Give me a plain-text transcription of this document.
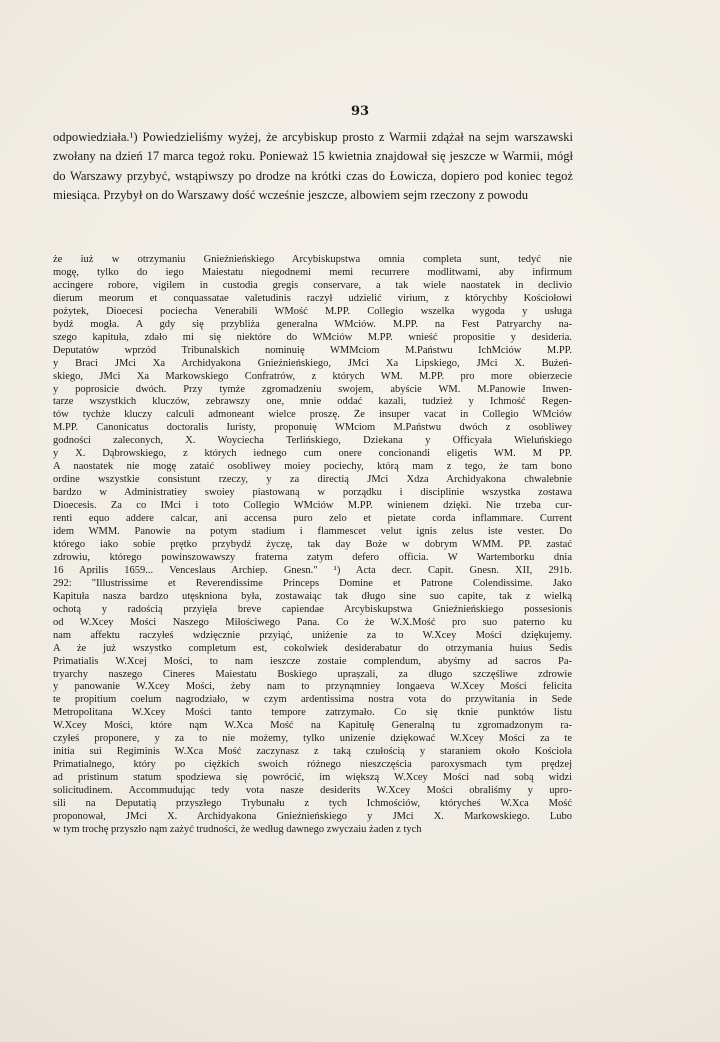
93

odpowiedziała.¹) Powiedzieliśmy wyżej, że arcybiskup prosto z Warmii zdążał na sejm warszawski zwołany na dzień 17 marca tegoż roku. Ponieważ 15 kwietnia znajdował się jeszcze w Warmii, mógł do Warszawy przybyć, wstąpiwszy po drodze na krótki czas do Łowicza, dopiero pod koniec tegoż miesiąca. Przybył on do Warszawy dość wcześnie jeszcze, albowiem sejm rzeczony z powodu

że iuż w otrzymaniu Gnieźnieńskiego Arcybiskupstwa omnia completa sunt, tedyć nie
mogę, tylko do iego Maiestatu niegodnemi memi recurrere modlitwami, aby infirmum
accingere robore, vigilem in custodia gregis conservare, a tak wiele naostatek in declivio
dierum meorum et conquassatae valetudinis raczył udzielić virium, z którychby Kościołowi
pożytek, Dioecesi pociecha Venerabili WMość M.PP. Collegio wszelka wygoda y usługa
bydź mogła. A gdy się przybliża generalna WMciów. M.PP. na Fest Patryarchy na-
szego kapituła, zdało mi się niektóre do WMciów M.PP. wnieść propositie y desideria.
Deputatów wprzód Tribunalskich nominuię WMMciom M.Państwu IchMciów M.PP.
y Braci JMci Xa Archidyakona Gnieźnieńskiego, JMci Xa Lipskiego, JMci X. Bużeń-
skiego, JMci Xa Markowskiego Confratrów, z których WM. M.PP. pro more obierzecie
y poprosicie dwóch. Przy tymże zgromadzeniu swojem, abyście WM. M.Panowie Inwen-
tarze wszystkich kluczów, zebrawszy one, mnie oddać kazali, tudzież y Ichmość Regen-
tów tychże kluczy calculi admoneant wielce proszę. Że insuper vacat in Collegio WMciów
M.PP. Canonicatus doctoralis Iuristy, proponuię WMciom M.Państwu dwóch z osobliwey
godności zaleconych, X. Woyciecha Terlińskiego, Dziekana y Officyała Wieluńskiego
y X. Dąbrowskiego, z których iednego cum onere concionandi eligetis WM. M PP.
A naostatek nie mogę zataić osobliwey moiey pociechy, którą mam z tego, że tam bono
ordine wszystkie consistunt rzeczy, y za directią JMci Xdza Archidyakona chwalebnie
bardzo w Administratiey swoiey piastowaną w porządku i disciplinie wszystka zostawa
Dioecesis. Za co IMci i toto Collegio WMciów M.PP. winienem dzięki. Nie trzeba cur-
renti equo addere calcar, ani accensa puro zelo et pietate corda inflammare. Current
idem WMM. Panowie na potym stadium i flammescet velut ignis zelus iste vester. Do
którego iako sobie prętko przybydź życzę, tak day Boże w dobrym WMM. PP. zastać
zdrowiu, którego powinszowawszy fraterna zatym defero officia. W Wartemborku dnia
16 Aprilis 1659... Venceslaus Archiep. Gnesn." ¹) Acta decr. Capit. Gnesn. XII, 291b.
292: "Illustrissime et Reverendissime Princeps Domine et Patrone Colendissime. Jako
Kapituła nasza bardzo utęskniona była, zostawaiąc tak długo sine suo capite, tak z wielką
ochotą y radością przyięła breve capiendae Arcybiskupstwa Gnieźnieńskiego possesionis
od W.Xcey Mości Naszego Miłościwego Pana. Co że W.X.Mość pro suo paterno ku
nam affektu raczyłeś wdzięcznie przyiąć, uniżenie za to W.Xcey Mości dziękujemy.
A że już wszystko completum est, cokolwiek desiderabatur do otrzymania huius Sedis
Primatialis W.Xcej Mości, to nam ieszcze zostaie complendum, abyśmy ad sacros Pa-
tryarchy naszego Cineres Maiestatu Boskiego uprașzali, za długo szczęśliwe zdrowie
y panowanie W.Xcey Mości, żeby nam to przynąmniey longaeva W.Xcey Mości felicita
te propitium coelum nagrodziało, w czym ardentissima nostra vota do przywitania in Sede
Metropolitana W.Xcey Mości tanto tempore zatrzymało. Co się tknie punktów listu
W.Xcey Mości, które nąm W.Xca Mość na Kapitułę Generalną tu zgromadzonym ra-
czyłeś proponere, y za to nie możemy, tylko unizenie dziękować W.Xcey Mości za te
initia sui Regiminis W.Xca Mość zaczynasz z taką czułością y staraniem około Kościoła
Primatialnego, który po ciężkich swoich różnego nieszczęścia paroxysmach tym prędzej
ad pristinum statum spodziewa się powrócić, im większą W.Xcey Mości nad sobą widzi
solicitudinem. Accommudując tedy vota nasze desiderits W.Xcey Mości obraliśmy y upro-
sili na Deputatią przyszłego Trybunału z tych Ichmościów, którycheś W.Xca Mość
proponował, JMci X. Archidyakona Gnieźnieńskiego y JMci X. Markowskiego. Lubo
w tym trochę przyszło nąm zażyć trudności, że według dawnego zwyczaiu żaden z tych
